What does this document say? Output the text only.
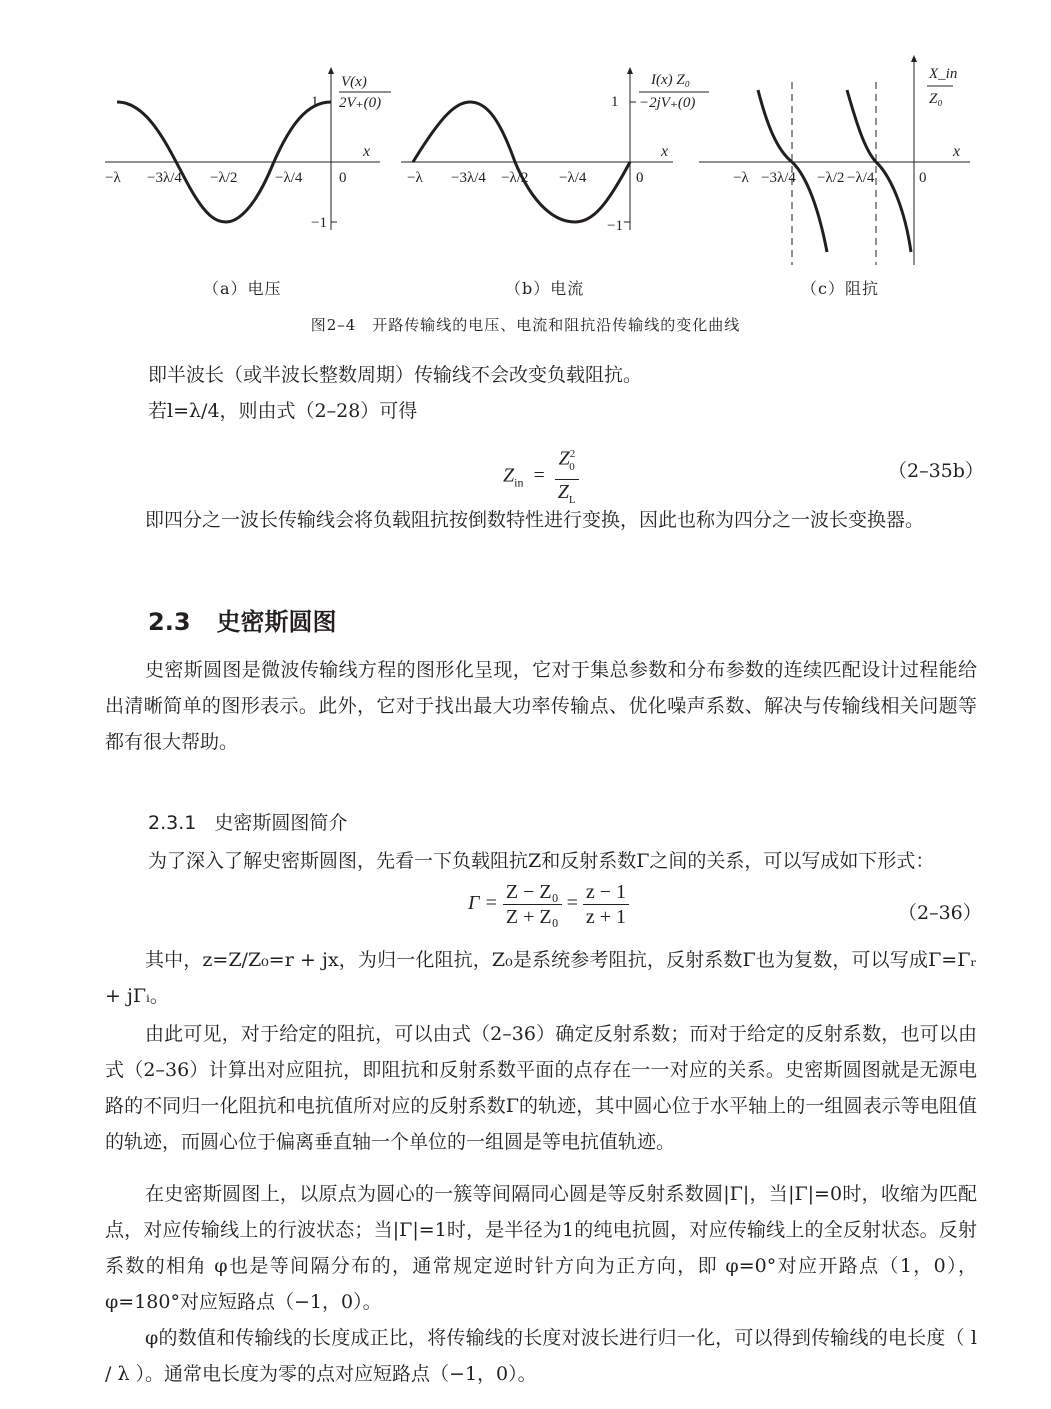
1
−1
x
V(x)
2V₊(0)
−λ −3λ/4 −λ/2	−λ/4 0
1
−1
x
I(x) Z₀
−2jV₊(0)
−λ −3λ/4 −λ/2 −λ/4	0
x
X_in
Z₀
−λ −3λ/4 −λ/2 −λ/4	0
（a）电压	（b）电流	（c）阻抗
图2–4　开路传输线的电压、电流和阻抗沿传输线的变化曲线
即半波长（或半波长整数周期）传输线不会改变负载阻抗。
若l=λ/4，则由式（2–28）可得
$Z_{in} = \frac{Z^2_0}{Z_L}$	（2–35b）
即四分之一波长传输线会将负载阻抗按倒数特性进行变换，因此也称为四分之一波长变换器。
2.3 史密斯圆图
史密斯圆图是微波传输线方程的图形化呈现，它对于集总参数和分布参数的连续匹配设计过程能给出清晰简单的图形表示。此外，它对于找出最大功率传输点、优化噪声系数、解决与传输线相关问题等都有很大帮助。
2.3.1 史密斯圆图简介
为了深入了解史密斯圆图，先看一下负载阻抗Z和反射系数Γ之间的关系，可以写成如下形式：
$\Gamma = \frac{\text{Z − Z₀}}{\text{Z + Z₀}} = \frac{z - 1}{z + 1}$	（2–36）
其中，z=Z/Z₀=r + jx，为归一化阻抗，Z₀是系统参考阻抗，反射系数Γ也为复数，可以写成Γ=Γᵣ + jΓᵢ。
由此可见，对于给定的阻抗，可以由式（2–36）确定反射系数；而对于给定的反射系数，也可以由式（2–36）计算出对应阻抗，即阻抗和反射系数平面的点存在一一对应的关系。史密斯圆图就是无源电路的不同归一化阻抗和电抗值所对应的反射系数Γ的轨迹，其中圆心位于水平轴上的一组圆表示等电阻值的轨迹，而圆心位于偏离垂直轴一个单位的一组圆是等电抗值轨迹。
在史密斯圆图上，以原点为圆心的一簇等间隔同心圆是等反射系数圆|Γ|，当|Γ|=0时，收缩为匹配点，对应传输线上的行波状态；当|Γ|=1时，是半径为1的纯电抗圆，对应传输线上的全反射状态。反射系数的相角 φ也是等间隔分布的，通常规定逆时针方向为正方向，即 φ=0°对应开路点（1，0），φ=180°对应短路点（−1，0）。
φ的数值和传输线的长度成正比，将传输线的长度对波长进行归一化，可以得到传输线的电长度（ l / λ ）。通常电长度为零的点对应短路点（−1，0）。
